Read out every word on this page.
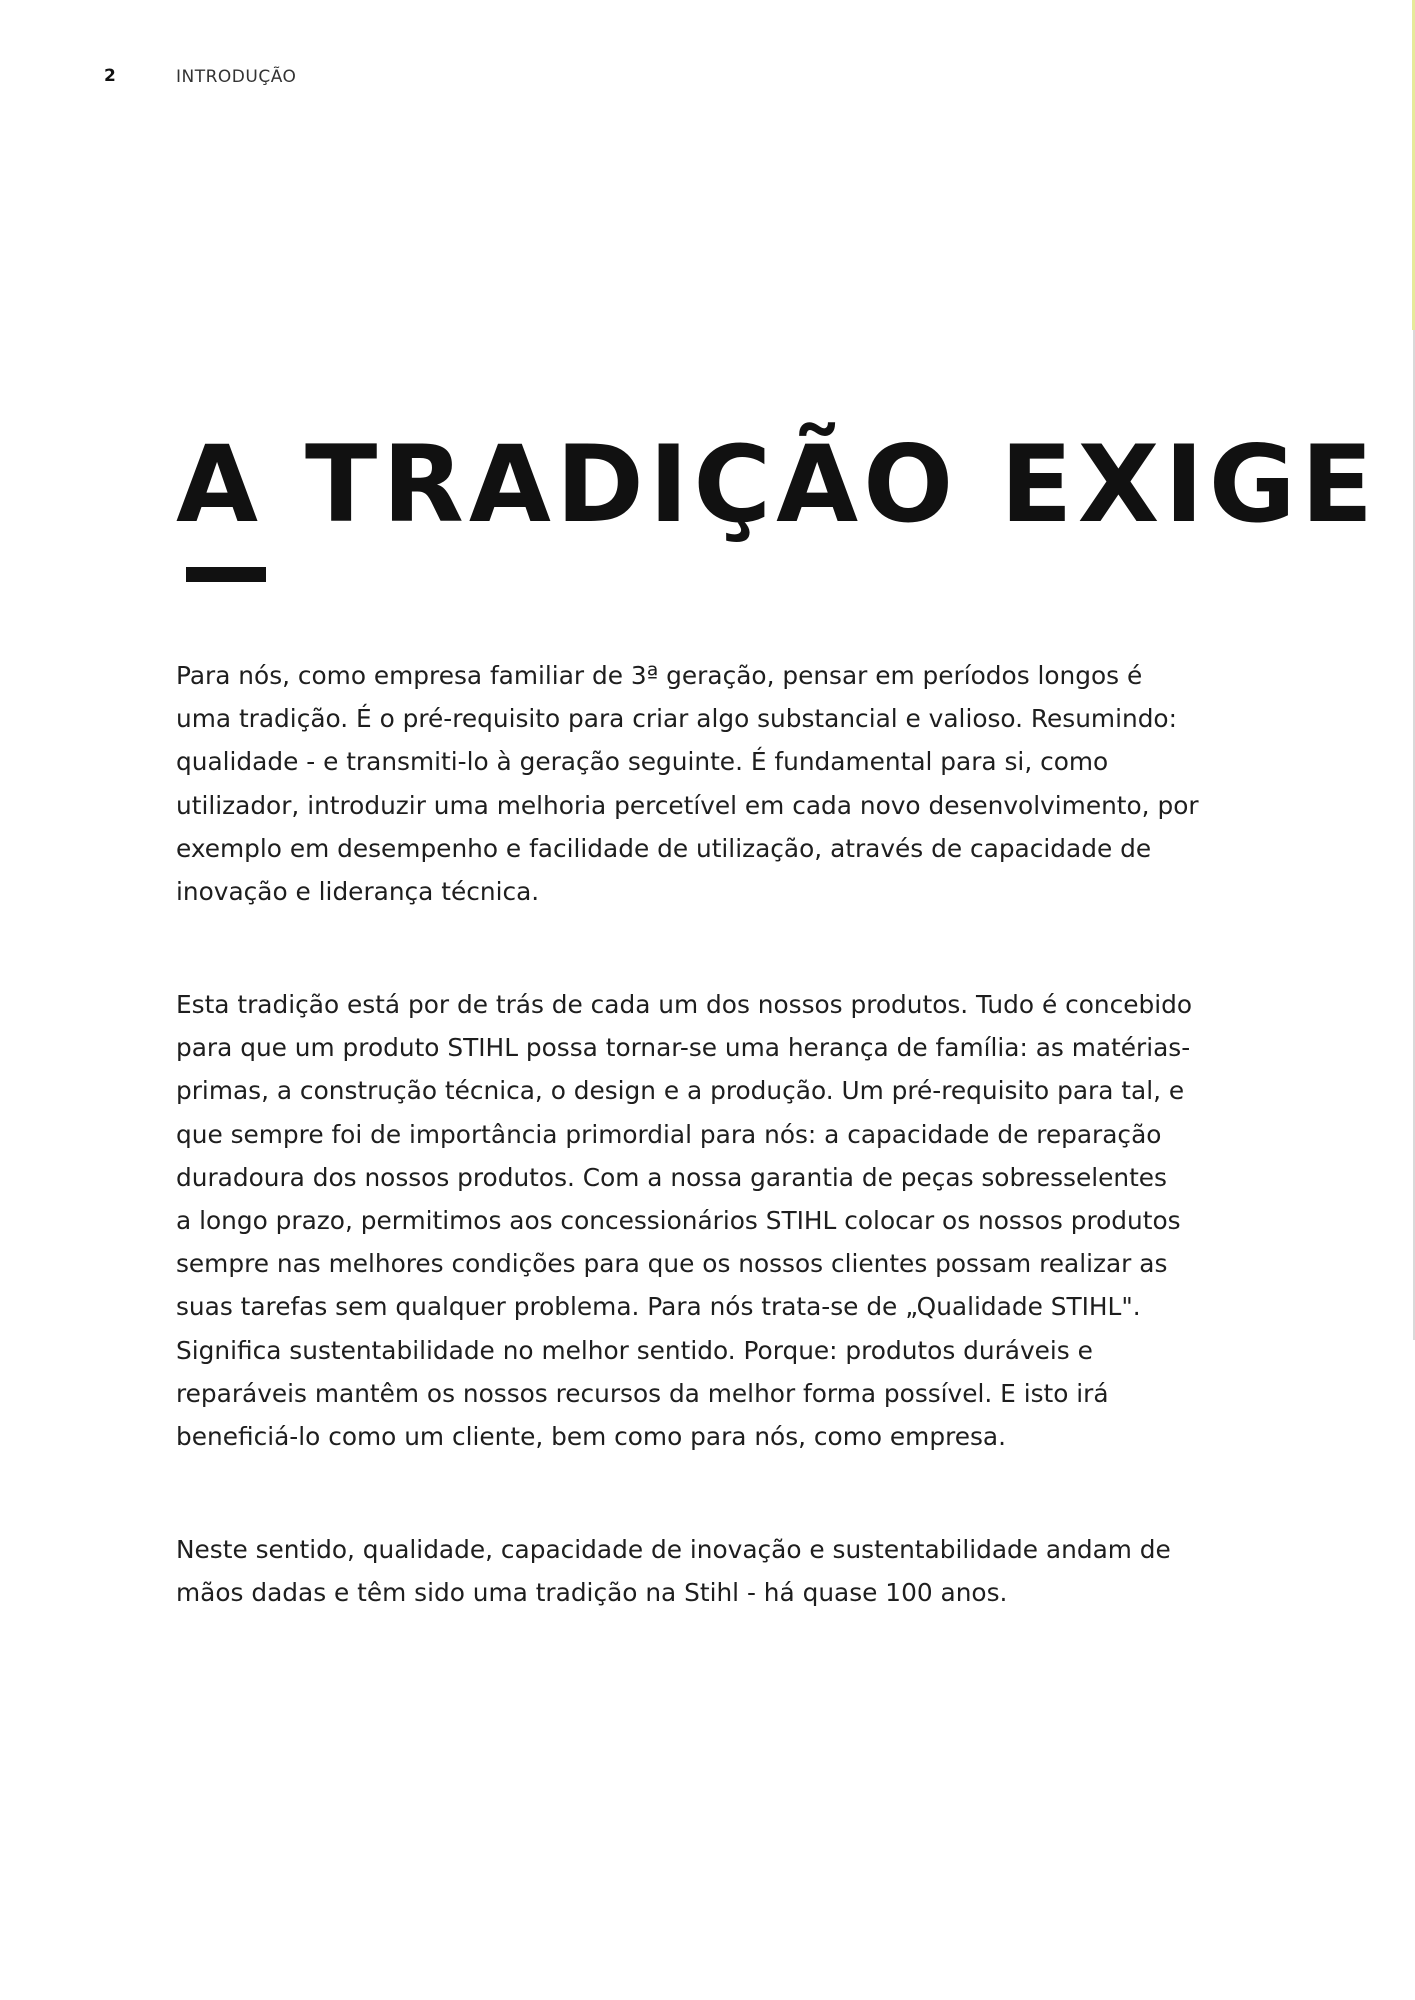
2	INTRODUÇÃO
A TRADIÇÃO EXIGE
Para nós, como empresa familiar de 3ª geração, pensar em períodos longos é
uma tradição. É o pré-requisito para criar algo substancial e valioso. Resumindo:
qualidade - e transmiti-lo à geração seguinte. É fundamental para si, como
utilizador, introduzir uma melhoria percetível em cada novo desenvolvimento, por
exemplo em desempenho e facilidade de utilização, através de capacidade de
inovação e liderança técnica.
Esta tradição está por de trás de cada um dos nossos produtos. Tudo é concebido
para que um produto STIHL possa tornar-se uma herança de família: as matérias-
primas, a construção técnica, o design e a produção. Um pré-requisito para tal, e
que sempre foi de importância primordial para nós: a capacidade de reparação
duradoura dos nossos produtos. Com a nossa garantia de peças sobresselentes
a longo prazo, permitimos aos concessionários STIHL colocar os nossos produtos
sempre nas melhores condições para que os nossos clientes possam realizar as
suas tarefas sem qualquer problema. Para nós trata-se de „Qualidade STIHL".
Significa sustentabilidade no melhor sentido. Porque: produtos duráveis e
reparáveis mantêm os nossos recursos da melhor forma possível. E isto irá
beneficiá-lo como um cliente, bem como para nós, como empresa.
Neste sentido, qualidade, capacidade de inovação e sustentabilidade andam de
mãos dadas e têm sido uma tradição na Stihl - há quase 100 anos.
